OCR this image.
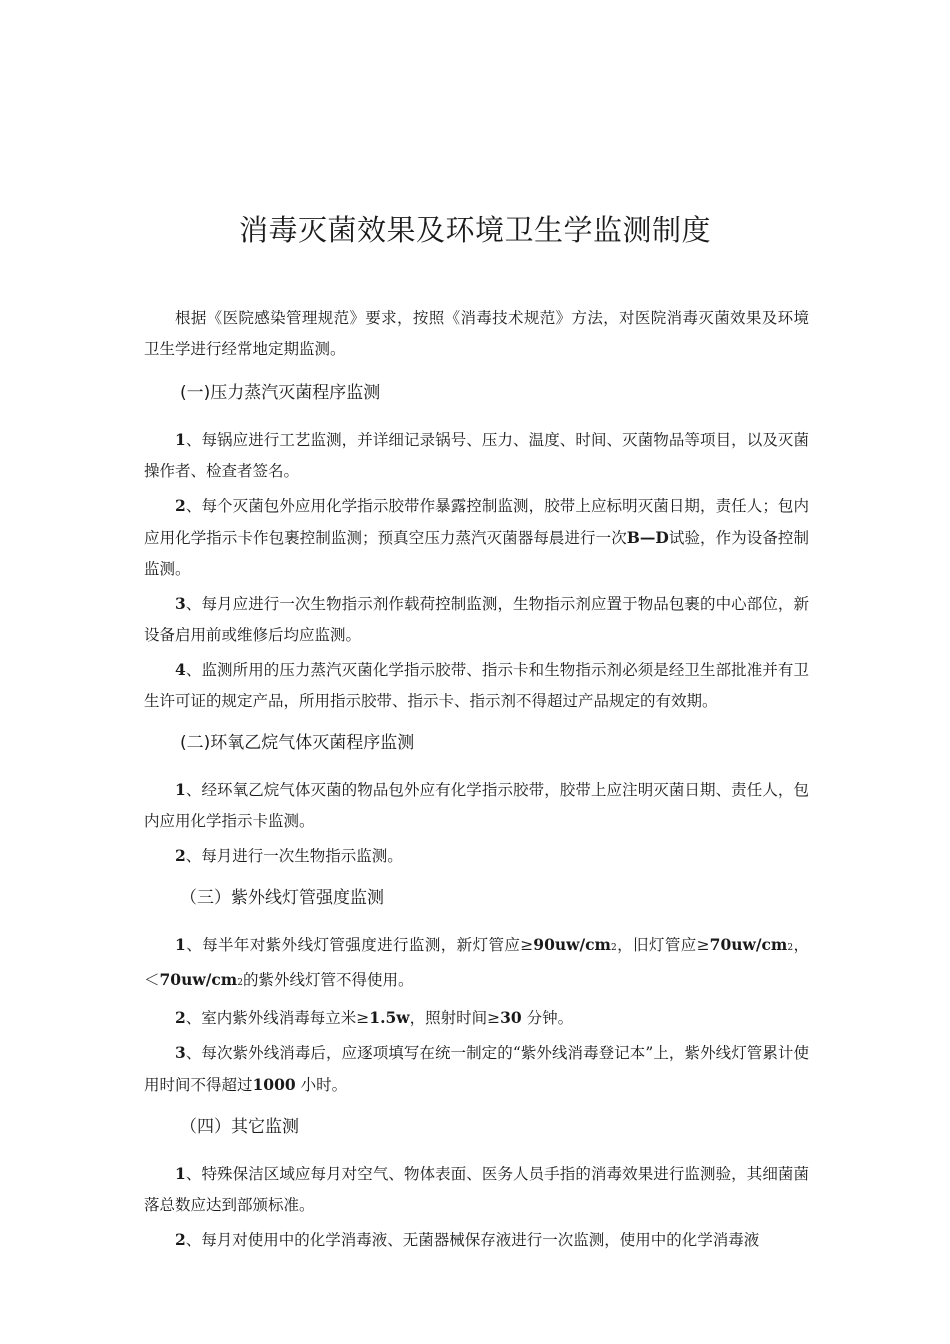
消毒灭菌效果及环境卫生学监测制度

根据《医院感染管理规范》要求，按照《消毒技术规范》方法，对医院消毒灭菌效果及环境卫生学进行经常地定期监测。

(一)压力蒸汽灭菌程序监测

1、每锅应进行工艺监测，并详细记录锅号、压力、温度、时间、灭菌物品等项目，以及灭菌操作者、检查者签名。

2、每个灭菌包外应用化学指示胶带作暴露控制监测，胶带上应标明灭菌日期，责任人；包内应用化学指示卡作包裹控制监测；预真空压力蒸汽灭菌器每晨进行一次B—D试验，作为设备控制监测。

3、每月应进行一次生物指示剂作载荷控制监测，生物指示剂应置于物品包裹的中心部位，新设备启用前或维修后均应监测。

4、监测所用的压力蒸汽灭菌化学指示胶带、指示卡和生物指示剂必须是经卫生部批准并有卫生许可证的规定产品，所用指示胶带、指示卡、指示剂不得超过产品规定的有效期。

(二)环氧乙烷气体灭菌程序监测

1、经环氧乙烷气体灭菌的物品包外应有化学指示胶带，胶带上应注明灭菌日期、责任人，包内应用化学指示卡监测。

2、每月进行一次生物指示监测。

（三）紫外线灯管强度监测

1、每半年对紫外线灯管强度进行监测，新灯管应≥90uw/cm2，旧灯管应≥70uw/cm2，＜70uw/cm2的紫外线灯管不得使用。

2、室内紫外线消毒每立米≥1.5w，照射时间≥30 分钟。

3、每次紫外线消毒后，应逐项填写在统一制定的“紫外线消毒登记本”上，紫外线灯管累计使用时间不得超过1000 小时。

（四）其它监测

1、特殊保洁区域应每月对空气、物体表面、医务人员手指的消毒效果进行监测验，其细菌菌落总数应达到部颁标准。

2、每月对使用中的化学消毒液、无菌器械保存液进行一次监测，使用中的化学消毒液
